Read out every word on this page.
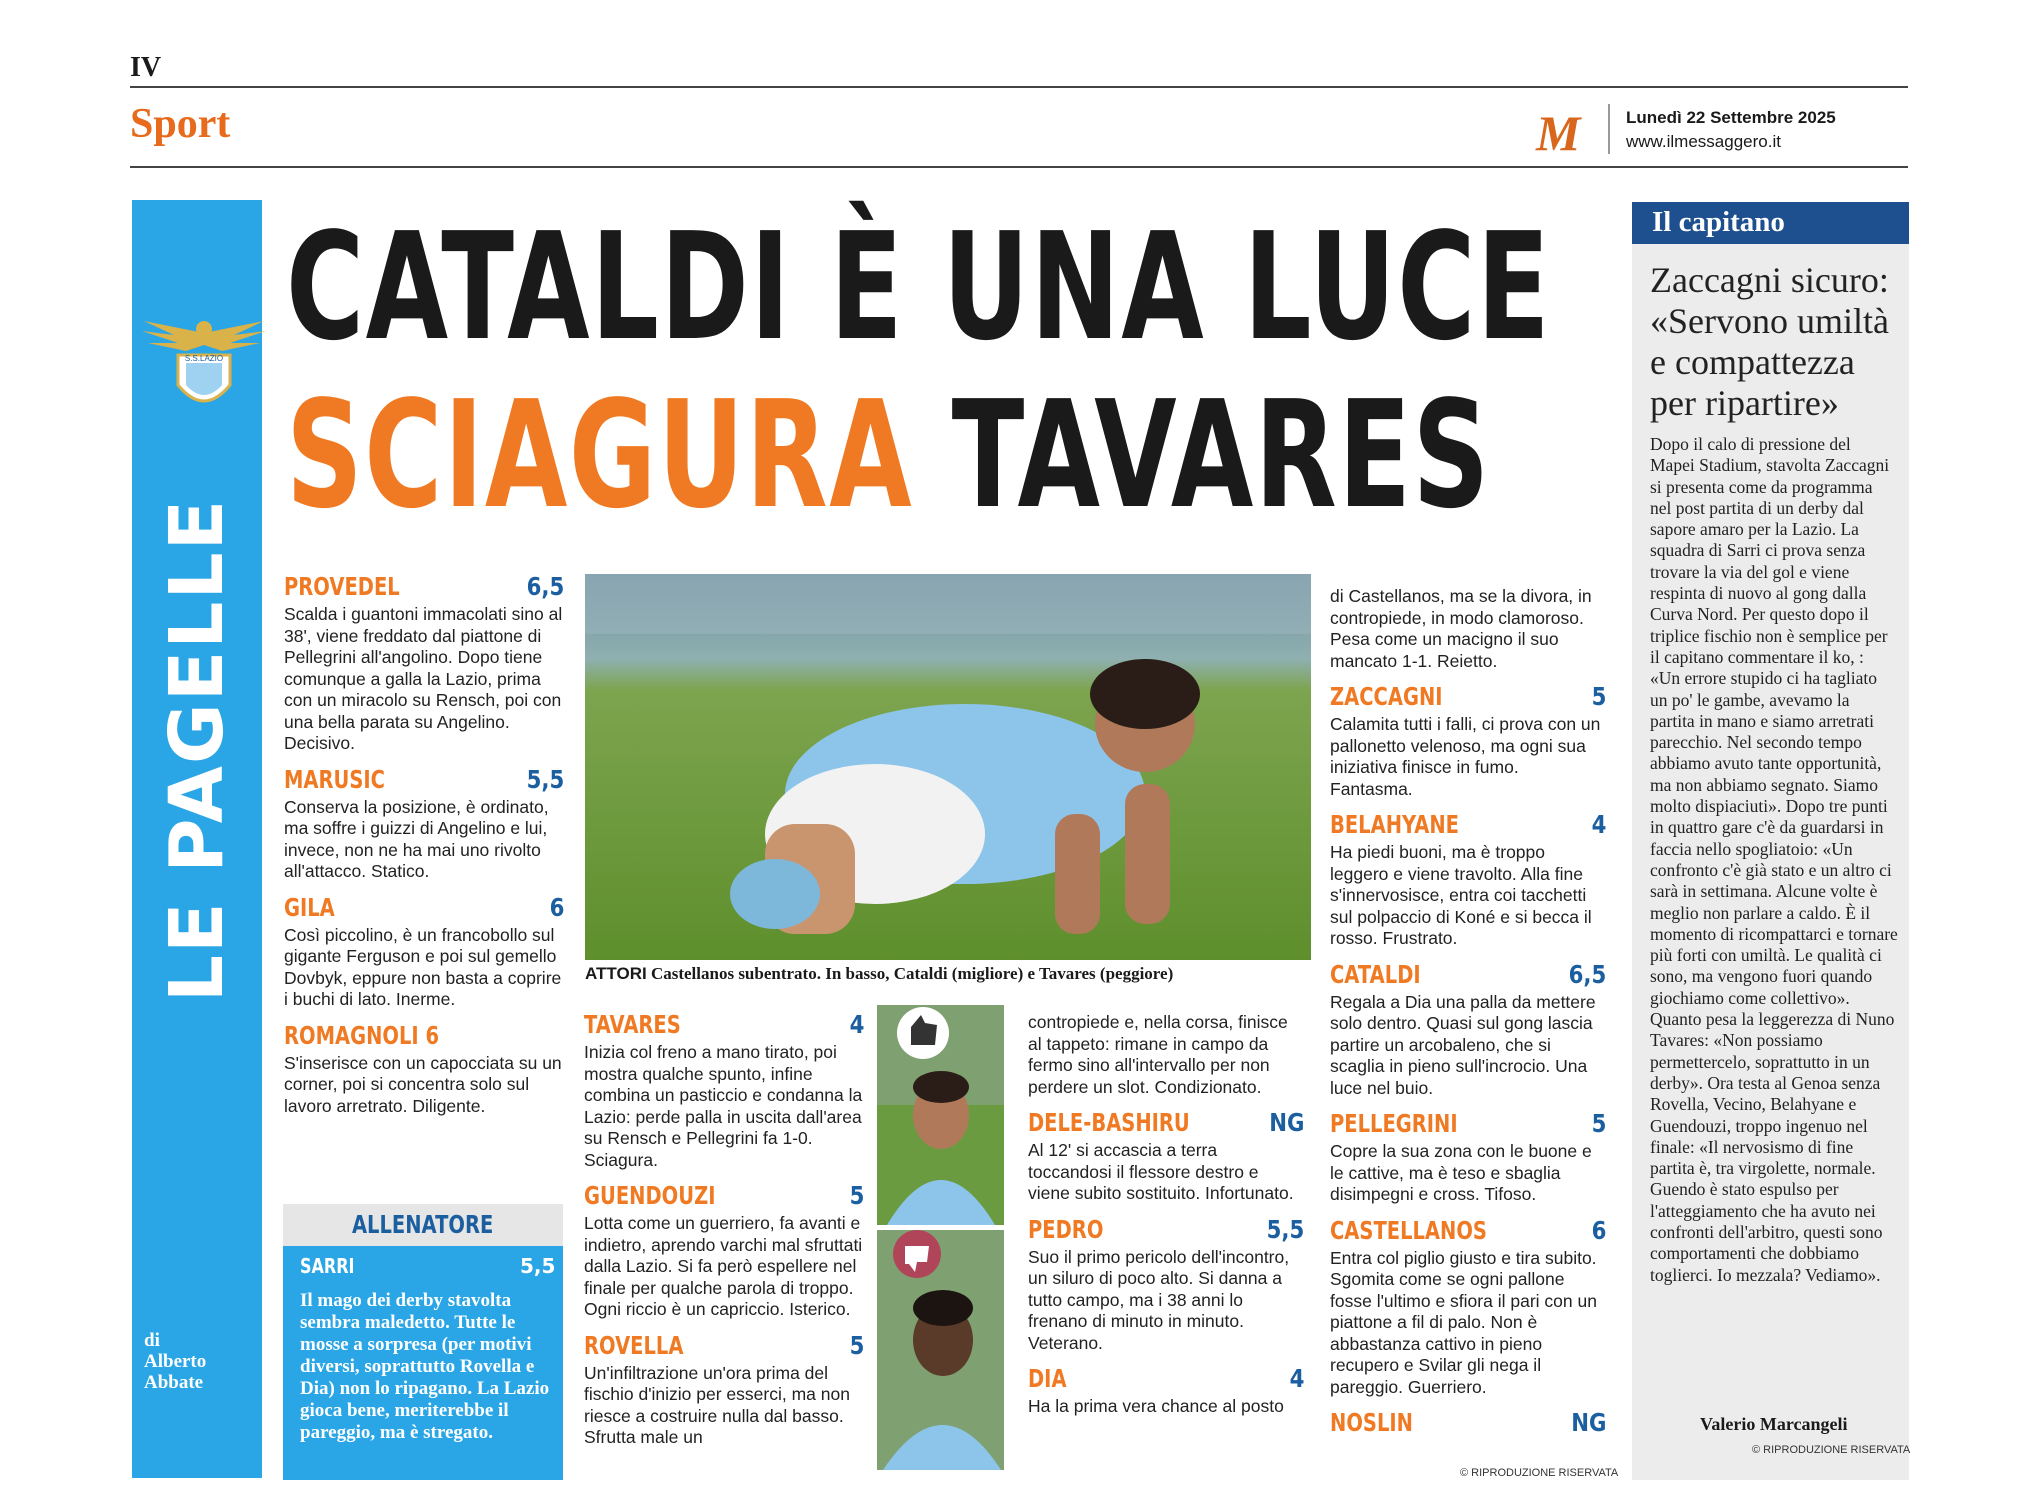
IV
Sport	M	Lunedì 22 Settembre 2025
www.ilmessaggero.it
S.S.LAZIO
LE PAGELLE
di
Alberto
Abbate
CATALDI È UNA LUCE
SCIAGURA TAVARES
PROVEDEL	6,5
Scalda i guantoni immacolati sino al 38', viene freddato dal piattone di Pellegrini all'angolino. Dopo tiene comunque a galla la Lazio, prima con un miracolo su Rensch, poi con una bella parata su Angelino. Decisivo.
MARUSIC	5,5
Conserva la posizione, è ordinato, ma soffre i guizzi di Angelino e lui, invece, non ne ha mai uno rivolto all'attacco. Statico.
GILA	6
Così piccolino, è un francobollo sul gigante Ferguson e poi sul gemello Dovbyk, eppure non basta a coprire i buchi di lato. Inerme.
ROMAGNOLI 6
S'inserisce con un capocciata su un corner, poi si concentra solo sul lavoro arretrato. Diligente.
ALLENATORE
SARRI	5,5
Il mago dei derby stavolta sembra maledetto. Tutte le mosse a sorpresa (per motivi diversi, soprattutto Rovella e Dia) non lo ripagano. La Lazio gioca bene, meriterebbe il pareggio, ma è stregato.
ATTORI Castellanos subentrato. In basso, Cataldi (migliore) e Tavares (peggiore)
TAVARES	4
Inizia col freno a mano tirato, poi mostra qualche spunto, infine combina un pasticcio e condanna la Lazio: perde palla in uscita dall'area su Rensch e Pellegrini fa 1-0. Sciagura.
GUENDOUZI	5
Lotta come un guerriero, fa avanti e indietro, aprendo varchi mal sfruttati dalla Lazio. Si fa però espellere nel finale per qualche parola di troppo. Ogni riccio è un capriccio. Isterico.
ROVELLA	5
Un'infiltrazione un'ora prima del fischio d'inizio per esserci, ma non riesce a costruire nulla dal basso. Sfrutta male un
contropiede e, nella corsa, finisce al tappeto: rimane in campo da fermo sino all'intervallo per non perdere un slot. Condizionato.
DELE-BASHIRU	NG
Al 12' si accascia a terra toccandosi il flessore destro e viene subito sostituito. Infortunato.
PEDRO	5,5
Suo il primo pericolo dell'incontro, un siluro di poco alto. Si danna a tutto campo, ma i 38 anni lo frenano di minuto in minuto. Veterano.
DIA	4
Ha la prima vera chance al posto
di Castellanos, ma se la divora, in contropiede, in modo clamoroso. Pesa come un macigno il suo mancato 1-1. Reietto.
ZACCAGNI	5
Calamita tutti i falli, ci prova con un pallonetto velenoso, ma ogni sua iniziativa finisce in fumo. Fantasma.
BELAHYANE	4
Ha piedi buoni, ma è troppo leggero e viene travolto. Alla fine s'innervosisce, entra coi tacchetti sul polpaccio di Koné e si becca il rosso. Frustrato.
CATALDI	6,5
Regala a Dia una palla da mettere solo dentro. Quasi sul gong lascia partire un arcobaleno, che si scaglia in pieno sull'incrocio. Una luce nel buio.
PELLEGRINI	5
Copre la sua zona con le buone e le cattive, ma è teso e sbaglia disimpegni e cross. Tifoso.
CASTELLANOS	6
Entra col piglio giusto e tira subito. Sgomita come se ogni pallone fosse l'ultimo e sfiora il pari con un piattone a fil di palo. Non è abbastanza cattivo in pieno recupero e Svilar gli nega il pareggio. Guerriero.
NOSLIN	NG
© RIPRODUZIONE RISERVATA
Il capitano
Zaccagni sicuro: «Servono umiltà e compattezza per ripartire»
Dopo il calo di pressione del Mapei Stadium, stavolta Zaccagni si presenta come da programma nel post partita di un derby dal sapore amaro per la Lazio. La squadra di Sarri ci prova senza trovare la via del gol e viene respinta di nuovo al gong dalla Curva Nord. Per questo dopo il triplice fischio non è semplice per il capitano commentare il ko, : «Un errore stupido ci ha tagliato un po' le gambe, avevamo la partita in mano e siamo arretrati parecchio. Nel secondo tempo abbiamo avuto tante opportunità, ma non abbiamo segnato. Siamo molto dispiaciuti». Dopo tre punti in quattro gare c'è da guardarsi in faccia nello spogliatoio: «Un confronto c'è già stato e un altro ci sarà in settimana. Alcune volte è meglio non parlare a caldo. È il momento di ricompattarci e tornare più forti con umiltà. Le qualità ci sono, ma vengono fuori quando giochiamo come collettivo». Quanto pesa la leggerezza di Nuno Tavares: «Non possiamo permettercelo, soprattutto in un derby». Ora testa al Genoa senza Rovella, Vecino, Belahyane e Guendouzi, troppo ingenuo nel finale: «Il nervosismo di fine partita è, tra virgolette, normale. Guendo è stato espulso per l'atteggiamento che ha avuto nei confronti dell'arbitro, questi sono comportamenti che dobbiamo toglierci. Io mezzala? Vediamo».
Valerio Marcangeli
© RIPRODUZIONE RISERVATA
